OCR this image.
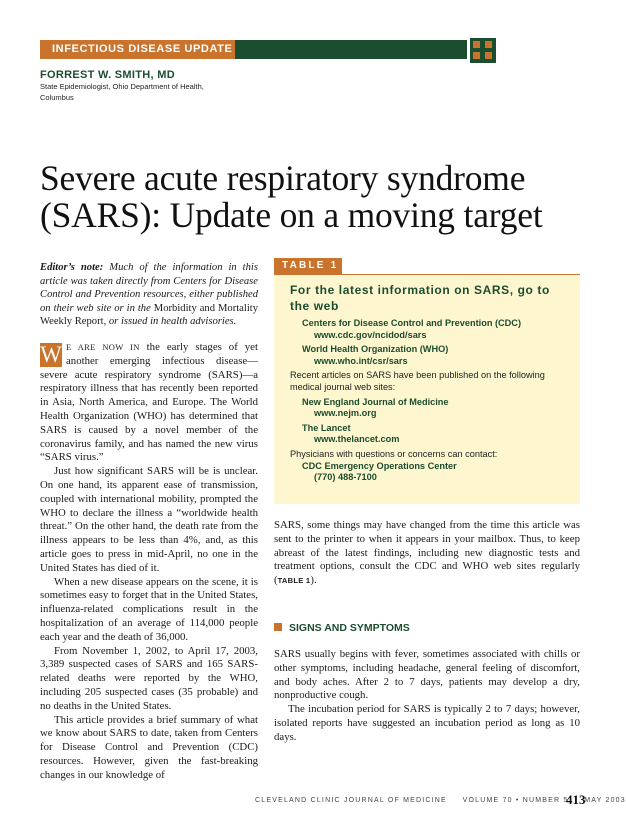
INFECTIOUS DISEASE UPDATE
FORREST W. SMITH, MD
State Epidemiologist, Ohio Department of Health,
Columbus
Severe acute respiratory syndrome
(SARS): Update on a moving target
Editor’s note: Much of the information in this article was taken directly from Centers for Disease Control and Prevention resources, either published on their web site or in the Morbidity and Mortality Weekly Report, or issued in health advisories.

W E ARE NOW IN the early stages of yet another emerging infectious disease—severe acute respiratory syndrome (SARS)—a respiratory illness that has recently been reported in Asia, North America, and Europe. The World Health Organization (WHO) has determined that SARS is caused by a novel member of the coronavirus family, and has named the new virus “SARS virus.”

Just how significant SARS will be is unclear. On one hand, its apparent ease of transmission, coupled with international mobility, prompted the WHO to declare the illness a “worldwide health threat.” On the other hand, the death rate from the illness appears to be less than 4%, and, as this article goes to press in mid-April, no one in the United States has died of it.

When a new disease appears on the scene, it is sometimes easy to forget that in the United States, influenza-related complications result in the hospitalization of an average of 114,000 people each year and the death of 36,000.

From November 1, 2002, to April 17, 2003, 3,389 suspected cases of SARS and 165 SARS-related deaths were reported by the WHO, including 205 suspected cases (35 probable) and no deaths in the United States.

This article provides a brief summary of what we know about SARS to date, taken from Centers for Disease Control and Prevention (CDC) resources. However, given the fast-breaking changes in our knowledge of

TABLE 1
For the latest information on SARS, go to the web
Centers for Disease Control and Prevention (CDC)
www.cdc.gov/ncidod/sars
World Health Organization (WHO)
www.who.int/csr/sars
Recent articles on SARS have been published on the following medical journal web sites:
New England Journal of Medicine
www.nejm.org
The Lancet
www.thelancet.com
Physicians with questions or concerns can contact:
CDC Emergency Operations Center
(770) 488-7100

SARS, some things may have changed from the time this article was sent to the printer to when it appears in your mailbox. Thus, to keep abreast of the latest findings, including new diagnostic tests and treatment options, consult the CDC and WHO web sites regularly (TABLE 1).

SIGNS AND SYMPTOMS

SARS usually begins with fever, sometimes associated with chills or other symptoms, including headache, general feeling of discomfort, and body aches. After 2 to 7 days, patients may develop a dry, nonproductive cough.

The incubation period for SARS is typically 2 to 7 days; however, isolated reports have suggested an incubation period as long as 10 days.

CLEVELAND CLINIC JOURNAL OF MEDICINE VOLUME 70 • NUMBER 5 MAY 2003
413
